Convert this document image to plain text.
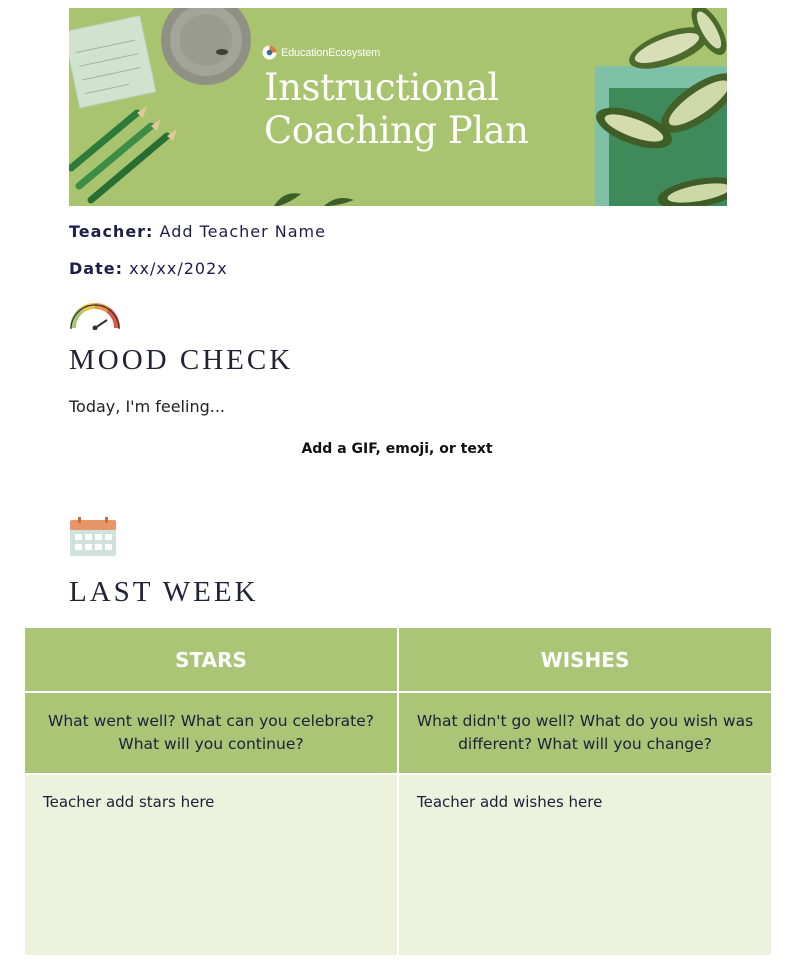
EducationEcosystem
Instructional
Coaching Plan
Teacher: Add Teacher Name
Date: xx/xx/202x
MOOD CHECK
Today, I'm feeling...
Add a GIF, emoji, or text
LAST WEEK
STARS	WISHES
What went well? What can you celebrate? What will you continue?
What didn't go well? What do you wish was different? What will you change?
Teacher add stars here	Teacher add wishes here
